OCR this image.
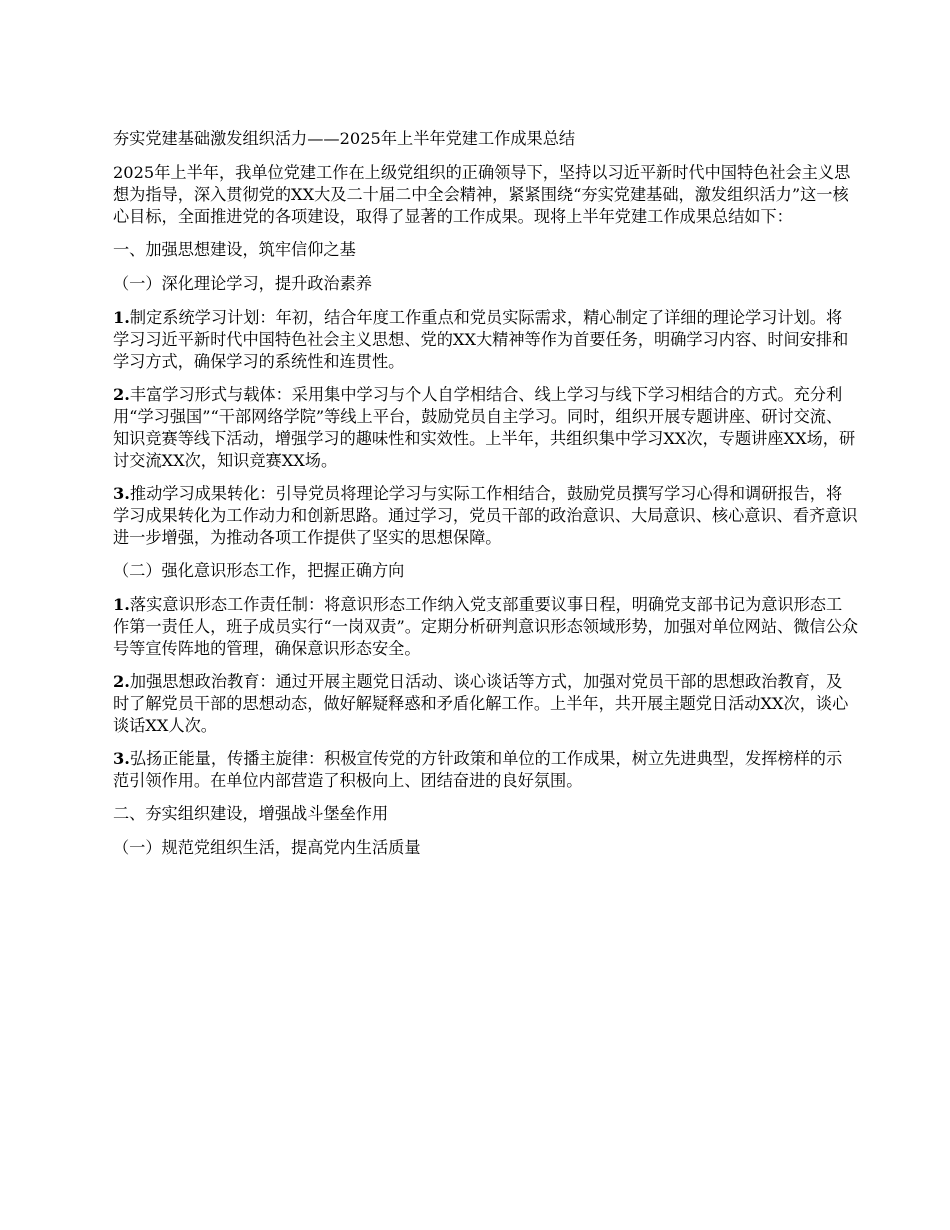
夯实党建基础激发组织活力——2025年上半年党建工作成果总结

2025年上半年，我单位党建工作在上级党组织的正确领导下，坚持以习近平新时代中国特色社会主义思想为指导，深入贯彻党的XX大及二十届二中全会精神，紧紧围绕“夯实党建基础，激发组织活力”这一核心目标，全面推进党的各项建设，取得了显著的工作成果。现将上半年党建工作成果总结如下：

一、加强思想建设，筑牢信仰之基

（一）深化理论学习，提升政治素养

1.制定系统学习计划：年初，结合年度工作重点和党员实际需求，精心制定了详细的理论学习计划。将学习习近平新时代中国特色社会主义思想、党的XX大精神等作为首要任务，明确学习内容、时间安排和学习方式，确保学习的系统性和连贯性。

2.丰富学习形式与载体：采用集中学习与个人自学相结合、线上学习与线下学习相结合的方式。充分利用“学习强国”“干部网络学院”等线上平台，鼓励党员自主学习。同时，组织开展专题讲座、研讨交流、知识竞赛等线下活动，增强学习的趣味性和实效性。上半年，共组织集中学习XX次，专题讲座XX场，研讨交流XX次，知识竞赛XX场。

3.推动学习成果转化：引导党员将理论学习与实际工作相结合，鼓励党员撰写学习心得和调研报告，将学习成果转化为工作动力和创新思路。通过学习，党员干部的政治意识、大局意识、核心意识、看齐意识进一步增强，为推动各项工作提供了坚实的思想保障。

（二）强化意识形态工作，把握正确方向

1.落实意识形态工作责任制：将意识形态工作纳入党支部重要议事日程，明确党支部书记为意识形态工作第一责任人，班子成员实行“一岗双责”。定期分析研判意识形态领域形势，加强对单位网站、微信公众号等宣传阵地的管理，确保意识形态安全。

2.加强思想政治教育：通过开展主题党日活动、谈心谈话等方式，加强对党员干部的思想政治教育，及时了解党员干部的思想动态，做好解疑释惑和矛盾化解工作。上半年，共开展主题党日活动XX次，谈心谈话XX人次。

3.弘扬正能量，传播主旋律：积极宣传党的方针政策和单位的工作成果，树立先进典型，发挥榜样的示范引领作用。在单位内部营造了积极向上、团结奋进的良好氛围。

二、夯实组织建设，增强战斗堡垒作用

（一）规范党组织生活，提高党内生活质量
